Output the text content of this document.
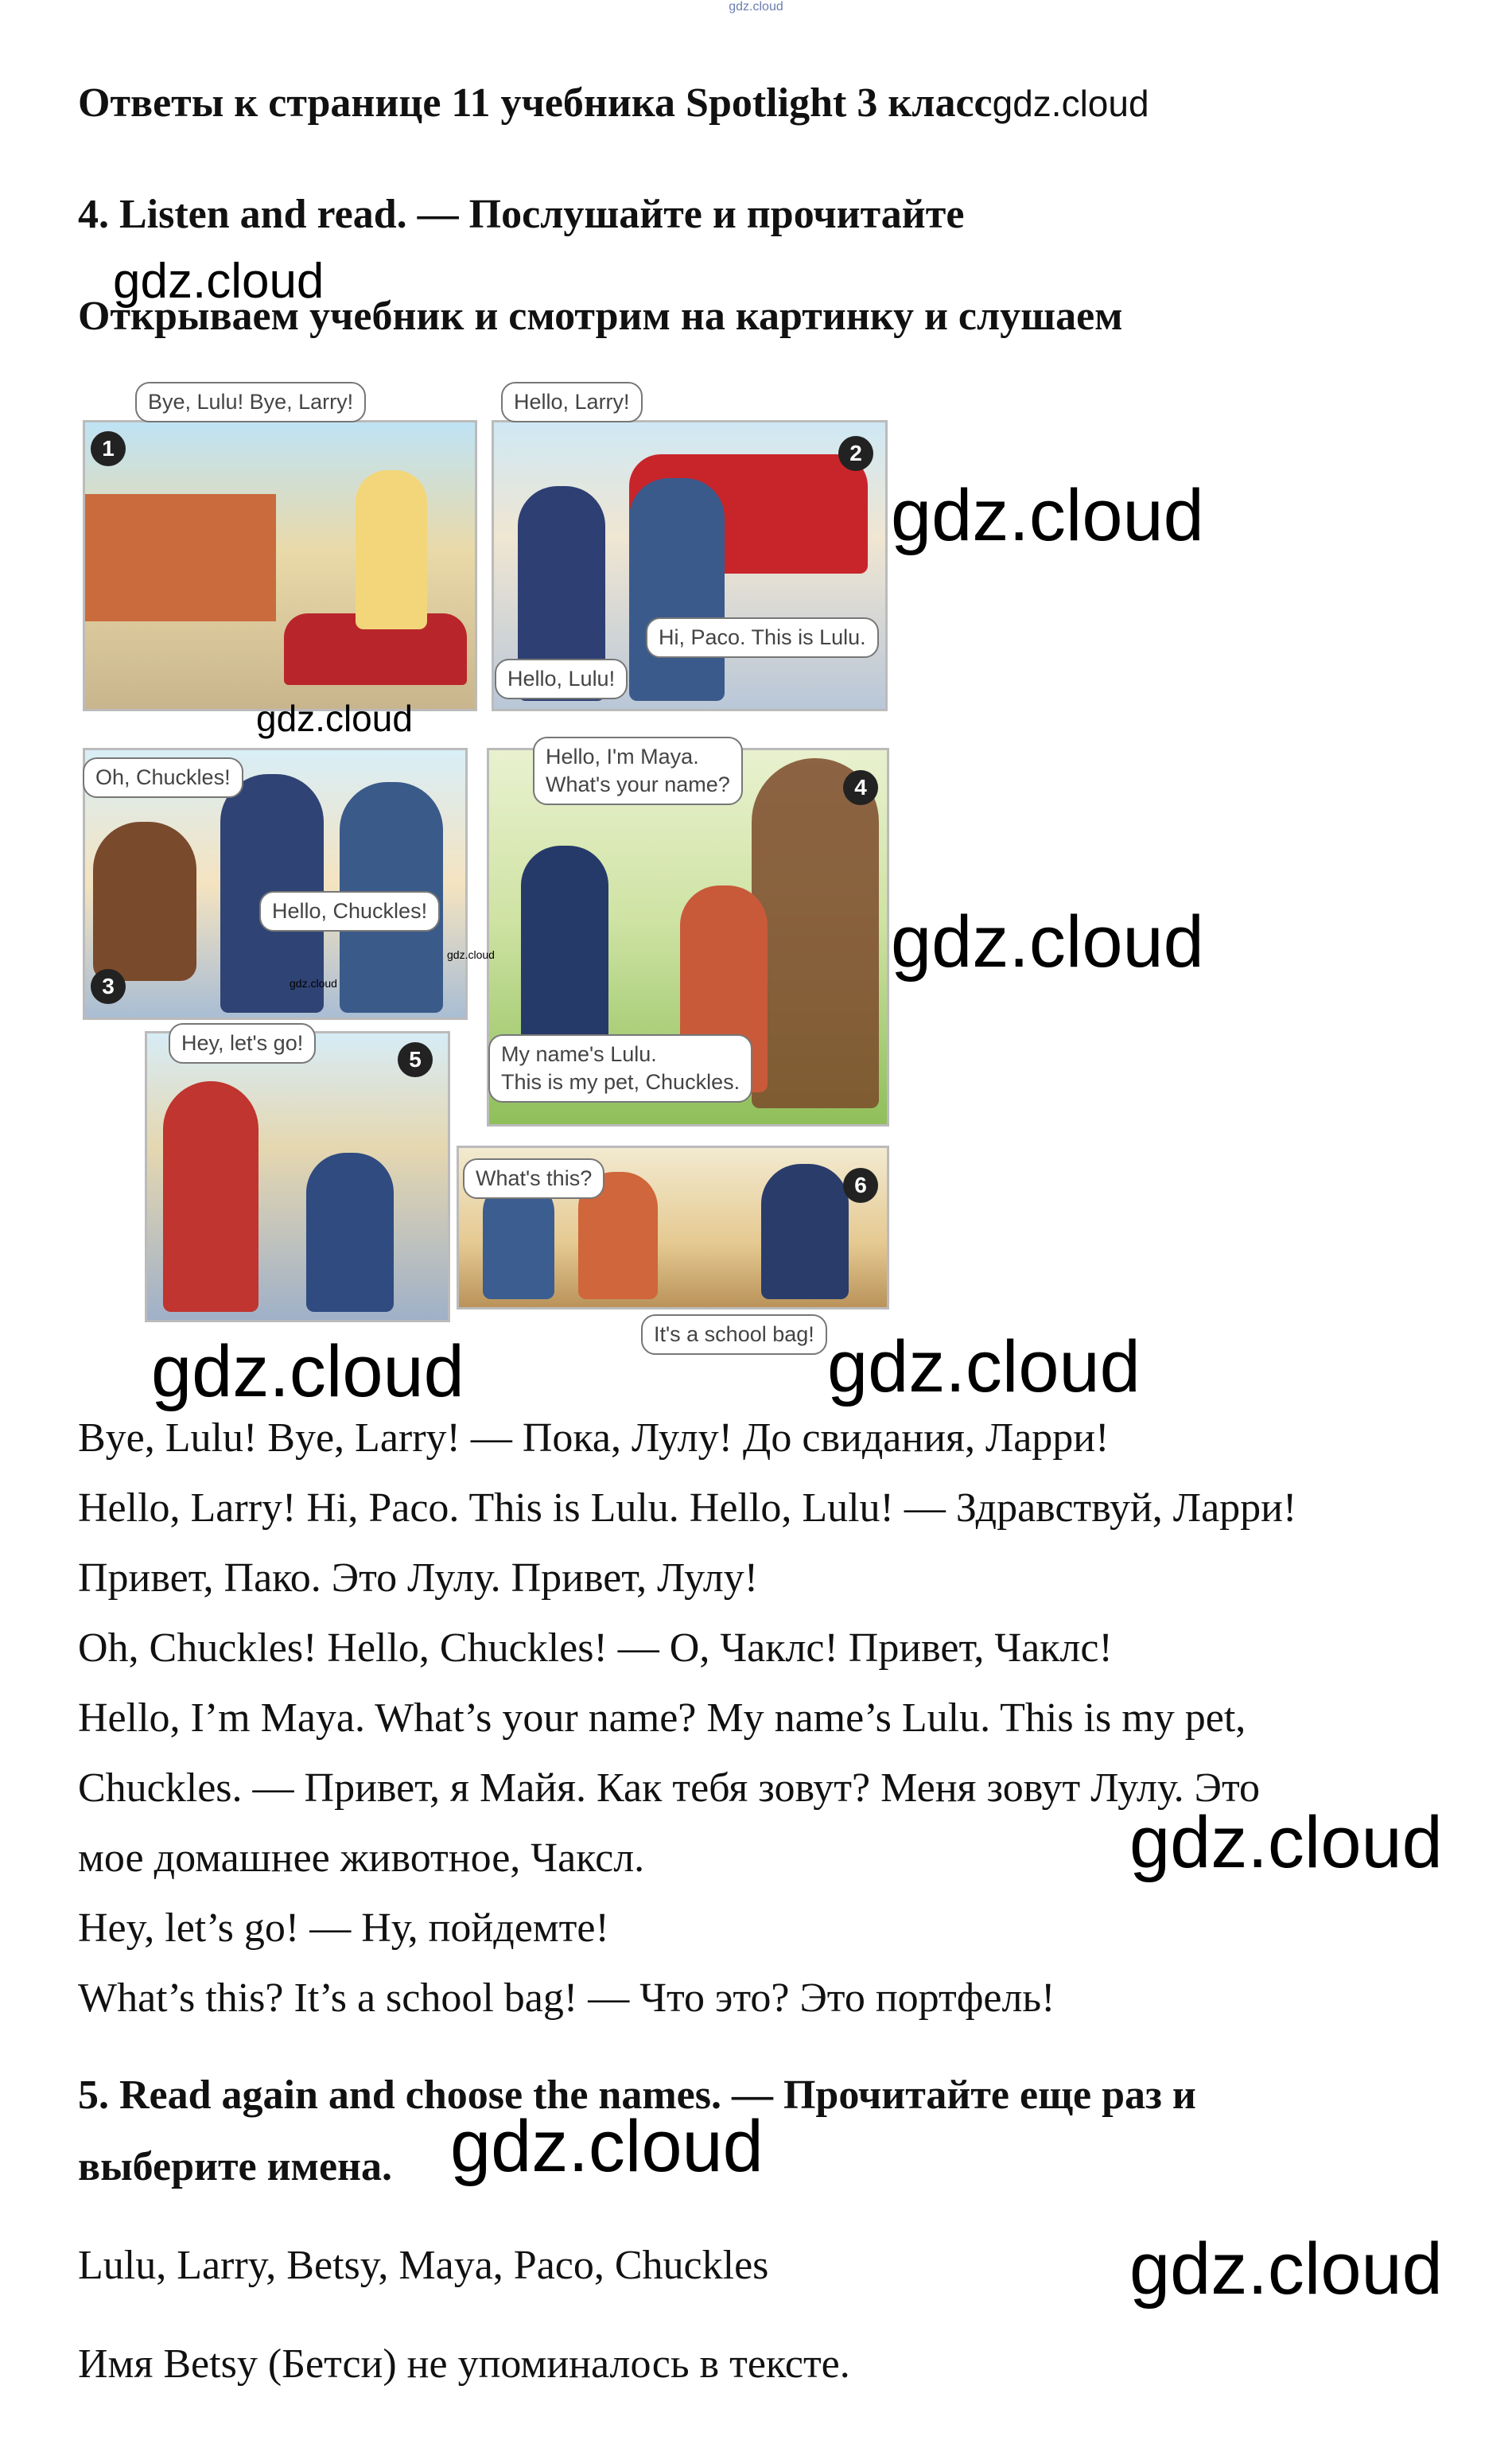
gdz.cloud
Ответы к странице 11 учебника Spotlight 3 классgdz.cloud
4. Listen and read. — Послушайте и прочитайте
gdz.cloud
Открываем учебник и смотрим на картинку и слушаем
Bye, Lulu! Bye, Larry!
1
Hello, Larry!
2
Hi, Paco. This is Lulu.
Hello, Lulu!
Oh, Chuckles!
Hello, Chuckles!
3
Hello, I'm Maya.
What's your name?	4
My name's Lulu.
This is my pet, Chuckles.
Hey, let's go!
5
What's this?	6
It's a school bag!
gdz.cloud
gdz.cloud
gdz.cloud
gdz.cloud	gdz.cloud
gdz.cloud	gdz.cloud
Bye, Lulu! Bye, Larry! — Пока, Лулу! До свидания, Ларри!
Hello, Larry! Hi, Paco. This is Lulu. Hello, Lulu! — Здравствуй, Ларри!
Привет, Пако. Это Лулу. Привет, Лулу!
Oh, Chuckles! Hello, Chuckles! — О, Чаклс! Привет, Чаклс!
Hello, I’m Maya. What’s your name? My name’s Lulu. This is my pet,
Chuckles. — Привет, я Майя. Как тебя зовут? Меня зовут Лулу. Это
мое домашнее животное, Чаксл.	gdz.cloud
Hey, let’s go! — Ну, пойдемте!
What’s this? It’s a school bag! — Что это? Это портфель!
5. Read again and choose the names. — Прочитайте еще раз и
выберите имена. gdz.cloud
Lulu, Larry, Betsy, Maya, Paco, Chuckles	gdz.cloud
Имя Betsy (Бетси) не упоминалось в тексте.
